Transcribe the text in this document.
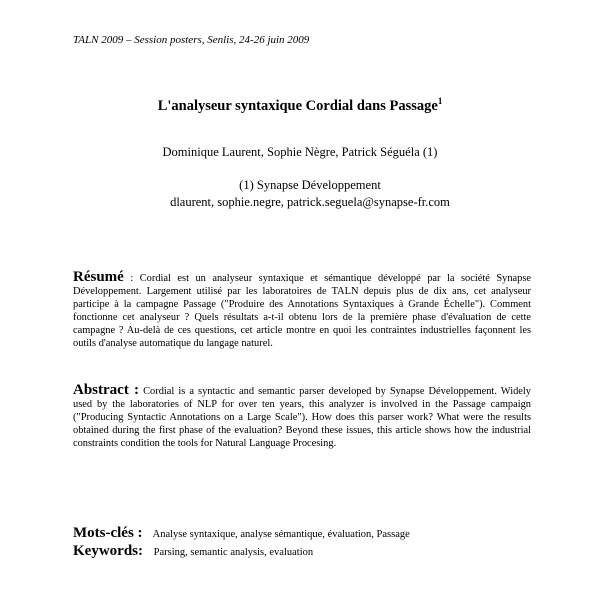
TALN 2009 – Session posters, Senlis, 24-26 juin 2009
L'analyseur syntaxique Cordial dans Passage$^1$
Dominique Laurent, Sophie Nègre, Patrick Séguéla (1)
(1) Synapse Développement
dlaurent, sophie.negre, patrick.seguela@synapse-fr.com
Résumé : Cordial est un analyseur syntaxique et sémantique développé par la société Synapse Développement. Largement utilisé par les laboratoires de TALN depuis plus de dix ans, cet analyseur participe à la campagne Passage ("Produire des Annotations Syntaxiques à Grande Échelle"). Comment fonctionne cet analyseur ? Quels résultats a-t-il obtenu lors de la première phase d'évaluation de cette campagne ? Au-delà de ces questions, cet article montre en quoi les contraintes industrielles façonnent les outils d'analyse automatique du langage naturel.
Abstract : Cordial is a syntactic and semantic parser developed by Synapse Développement. Widely used by the laboratories of NLP for over ten years, this analyzer is involved in the Passage campaign ("Producing Syntactic Annotations on a Large Scale"). How does this parser work? What were the results obtained during the first phase of the evaluation? Beyond these issues, this article shows how the industrial constraints condition the tools for Natural Language Procesing.
Mots-clés : Analyse syntaxique, analyse sémantique, évaluation, Passage
Keywords: Parsing, semantic analysis, evaluation
